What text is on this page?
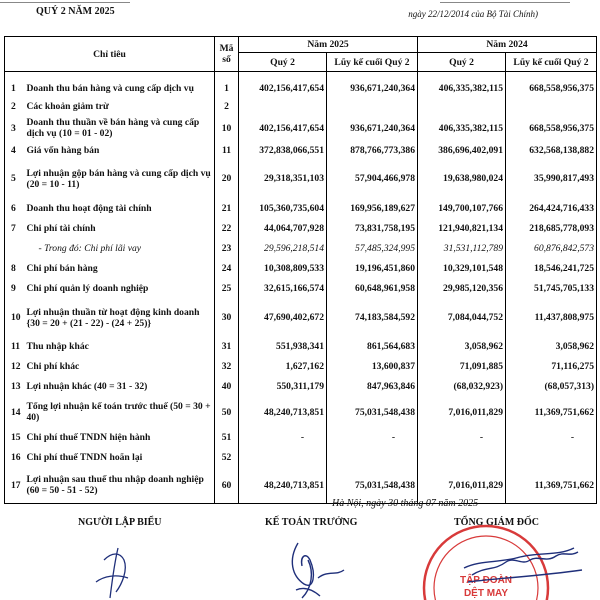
QUÝ 2 NĂM 2025	ngày 22/12/2014 của Bộ Tài Chính)
Chỉ tiêu		Mã số	Năm 2025		Năm 2024	
			Quý 2	Lũy kế cuối Quý 2	Quý 2	Lũy kế cuối Quý 2

1	Doanh thu bán hàng và cung cấp dịch vụ	1	402,156,417,654	936,671,240,364	406,335,382,115	668,558,956,375
2	Các khoản giảm trừ	2				
3	Doanh thu thuần về bán hàng và cung cấp dịch vụ (10 = 01 - 02)	10	402,156,417,654	936,671,240,364	406,335,382,115	668,558,956,375
4	Giá vốn hàng bán	11	372,838,066,551	878,766,773,386	386,696,402,091	632,568,138,882
5	Lợi nhuận gộp bán hàng và cung cấp dịch vụ (20 = 10 - 11)	20	29,318,351,103	57,904,466,978	19,638,980,024	35,990,817,493
6	Doanh thu hoạt động tài chính	21	105,360,735,604	169,956,189,627	149,700,107,766	264,424,716,433
7	Chi phí tài chính	22	44,064,707,928	73,831,758,195	121,940,821,134	218,685,778,093
	- Trong đó: Chi phí lãi vay	23	29,596,218,514	57,485,324,995	31,531,112,789	60,876,842,573
8	Chi phí bán hàng	24	10,308,809,533	19,196,451,860	10,329,101,548	18,546,241,725
9	Chi phí quản lý doanh nghiệp	25	32,615,166,574	60,648,961,958	29,985,120,356	51,745,705,133
10	Lợi nhuận thuần từ hoạt động kinh doanh {30 = 20 + (21 - 22) - (24 + 25)}	30	47,690,402,672	74,183,584,592	7,084,044,752	11,437,808,975
11	Thu nhập khác	31	551,938,341	861,564,683	3,058,962	3,058,962
12	Chi phí khác	32	1,627,162	13,600,837	71,091,885	71,116,275
13	Lợi nhuận khác (40 = 31 - 32)	40	550,311,179	847,963,846	(68,032,923)	(68,057,313)
14	Tổng lợi nhuận kế toán trước thuế (50 = 30 + 40)	50	48,240,713,851	75,031,548,438	7,016,011,829	11,369,751,662
15	Chi phí thuế TNDN hiện hành	51	-	-	-	-
16	Chi phí thuế TNDN hoãn lại	52				
17	Lợi nhuận sau thuế thu nhập doanh nghiệp (60 = 50 - 51 - 52)	60	48,240,713,851	75,031,548,438	7,016,011,829	11,369,751,662
Hà Nội, ngày 30 tháng 07 năm 2025
NGƯỜI LẬP BIỂU	KẾ TOÁN TRƯỞNG	TỔNG GIÁM ĐỐC
TẬP ĐOÀN
DỆT MAY
